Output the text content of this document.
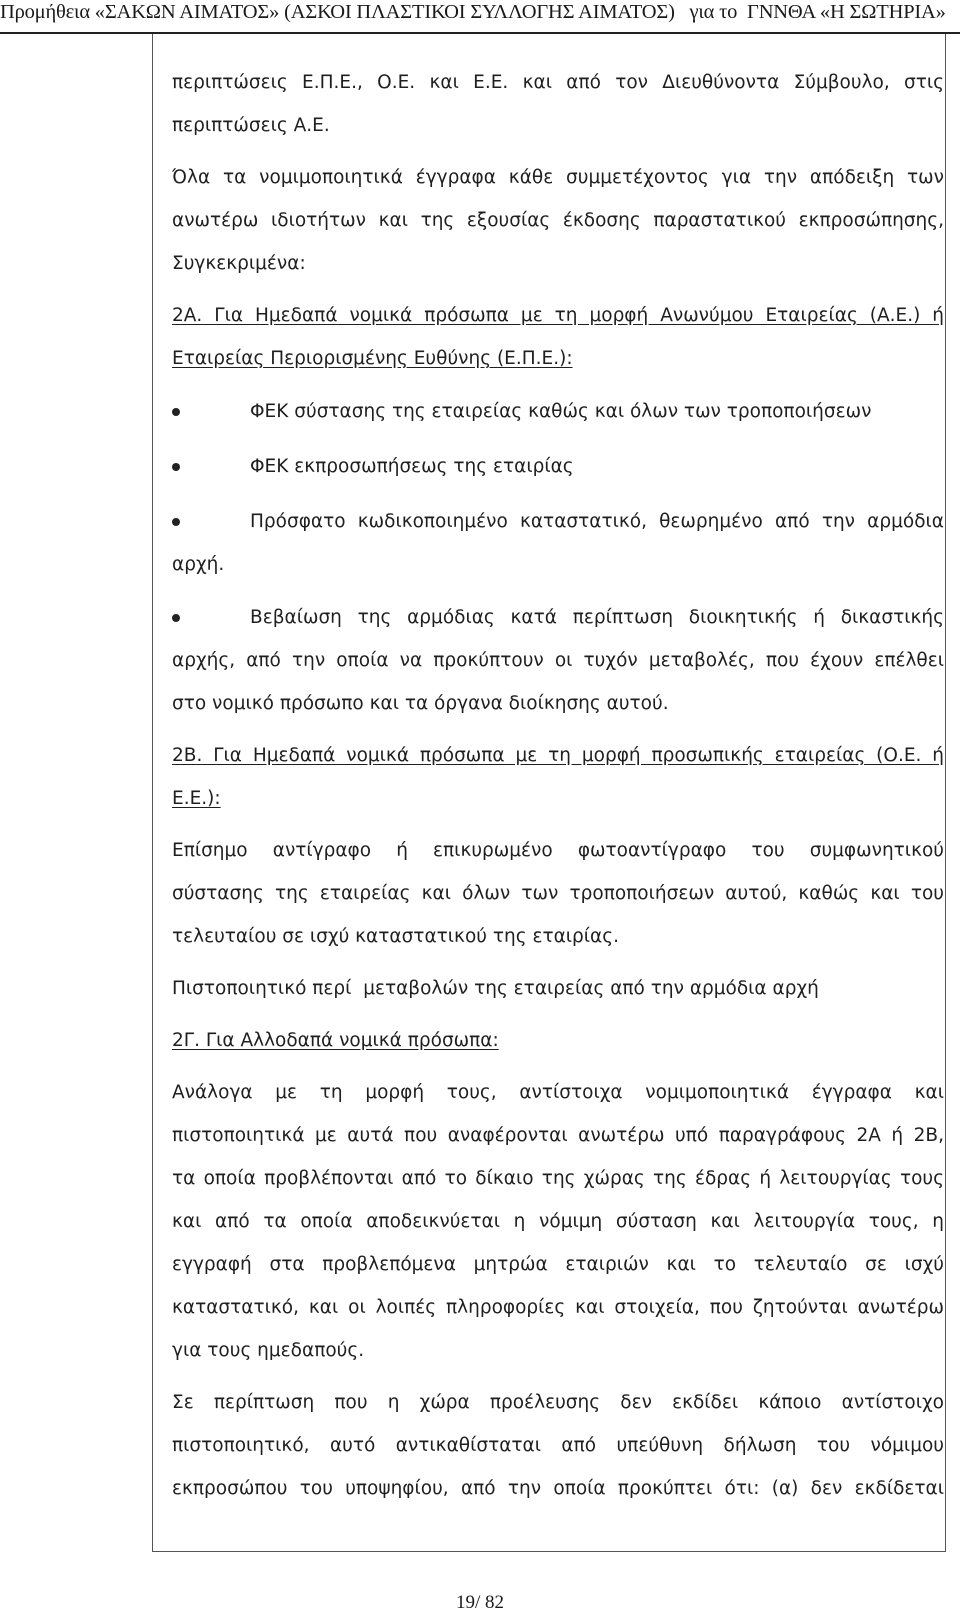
Προμήθεια «ΣΑΚΩΝ ΑΙΜΑΤΟΣ» (ΑΣΚΟΙ ΠΛΑΣΤΙΚΟΙ ΣΥΛΛΟΓΗΣ ΑΙΜΑΤΟΣ)   για το  ΓΝΝΘΑ «Η ΣΩΤΗΡΙΑ»
περιπτώσεις Ε.Π.Ε., Ο.Ε. και Ε.Ε. και από τον Διευθύνοντα Σύμβουλο, στις
περιπτώσεις Α.Ε.
Όλα τα νομιμοποιητικά έγγραφα κάθε συμμετέχοντος για την απόδειξη των
ανωτέρω ιδιοτήτων και της εξουσίας έκδοσης παραστατικού εκπροσώπησης,
Συγκεκριμένα:
2Α. Για Ημεδαπά νομικά πρόσωπα με τη μορφή Ανωνύμου Εταιρείας (Α.Ε.) ή
Εταιρείας Περιορισμένης Ευθύνης (Ε.Π.Ε.):
ΦΕΚ σύστασης της εταιρείας καθώς και όλων των τροποποιήσεων
ΦΕΚ εκπροσωπήσεως της εταιρίας
Πρόσφατο κωδικοποιημένο καταστατικό, θεωρημένο από την αρμόδια
αρχή.
Βεβαίωση της αρμόδιας κατά περίπτωση διοικητικής ή δικαστικής
αρχής, από την οποία να προκύπτουν οι τυχόν μεταβολές, που έχουν επέλθει
στο νομικό πρόσωπο και τα όργανα διοίκησης αυτού.
2Β. Για Ημεδαπά νομικά πρόσωπα με τη μορφή προσωπικής εταιρείας (Ο.Ε. ή
Ε.Ε.):
Επίσημο αντίγραφο ή επικυρωμένο φωτοαντίγραφο του συμφωνητικού
σύστασης της εταιρείας και όλων των τροποποιήσεων αυτού, καθώς και του
τελευταίου σε ισχύ καταστατικού της εταιρίας.
Πιστοποιητικό περί  μεταβολών της εταιρείας από την αρμόδια αρχή
2Γ. Για Αλλοδαπά νομικά πρόσωπα:
Ανάλογα με τη μορφή τους, αντίστοιχα νομιμοποιητικά έγγραφα και
πιστοποιητικά με αυτά που αναφέρονται ανωτέρω υπό παραγράφους 2Α ή 2Β,
τα οποία προβλέπονται από το δίκαιο της χώρας της έδρας ή λειτουργίας τους
και από τα οποία αποδεικνύεται η νόμιμη σύσταση και λειτουργία τους, η
εγγραφή στα προβλεπόμενα μητρώα εταιριών και το τελευταίο σε ισχύ
καταστατικό, και οι λοιπές πληροφορίες και στοιχεία, που ζητούνται ανωτέρω
για τους ημεδαπούς.
Σε περίπτωση που η χώρα προέλευσης δεν εκδίδει κάποιο αντίστοιχο
πιστοποιητικό, αυτό αντικαθίσταται από υπεύθυνη δήλωση του νόμιμου
εκπροσώπου του υποψηφίου, από την οποία προκύπτει ότι: (α) δεν εκδίδεται
19/ 82
